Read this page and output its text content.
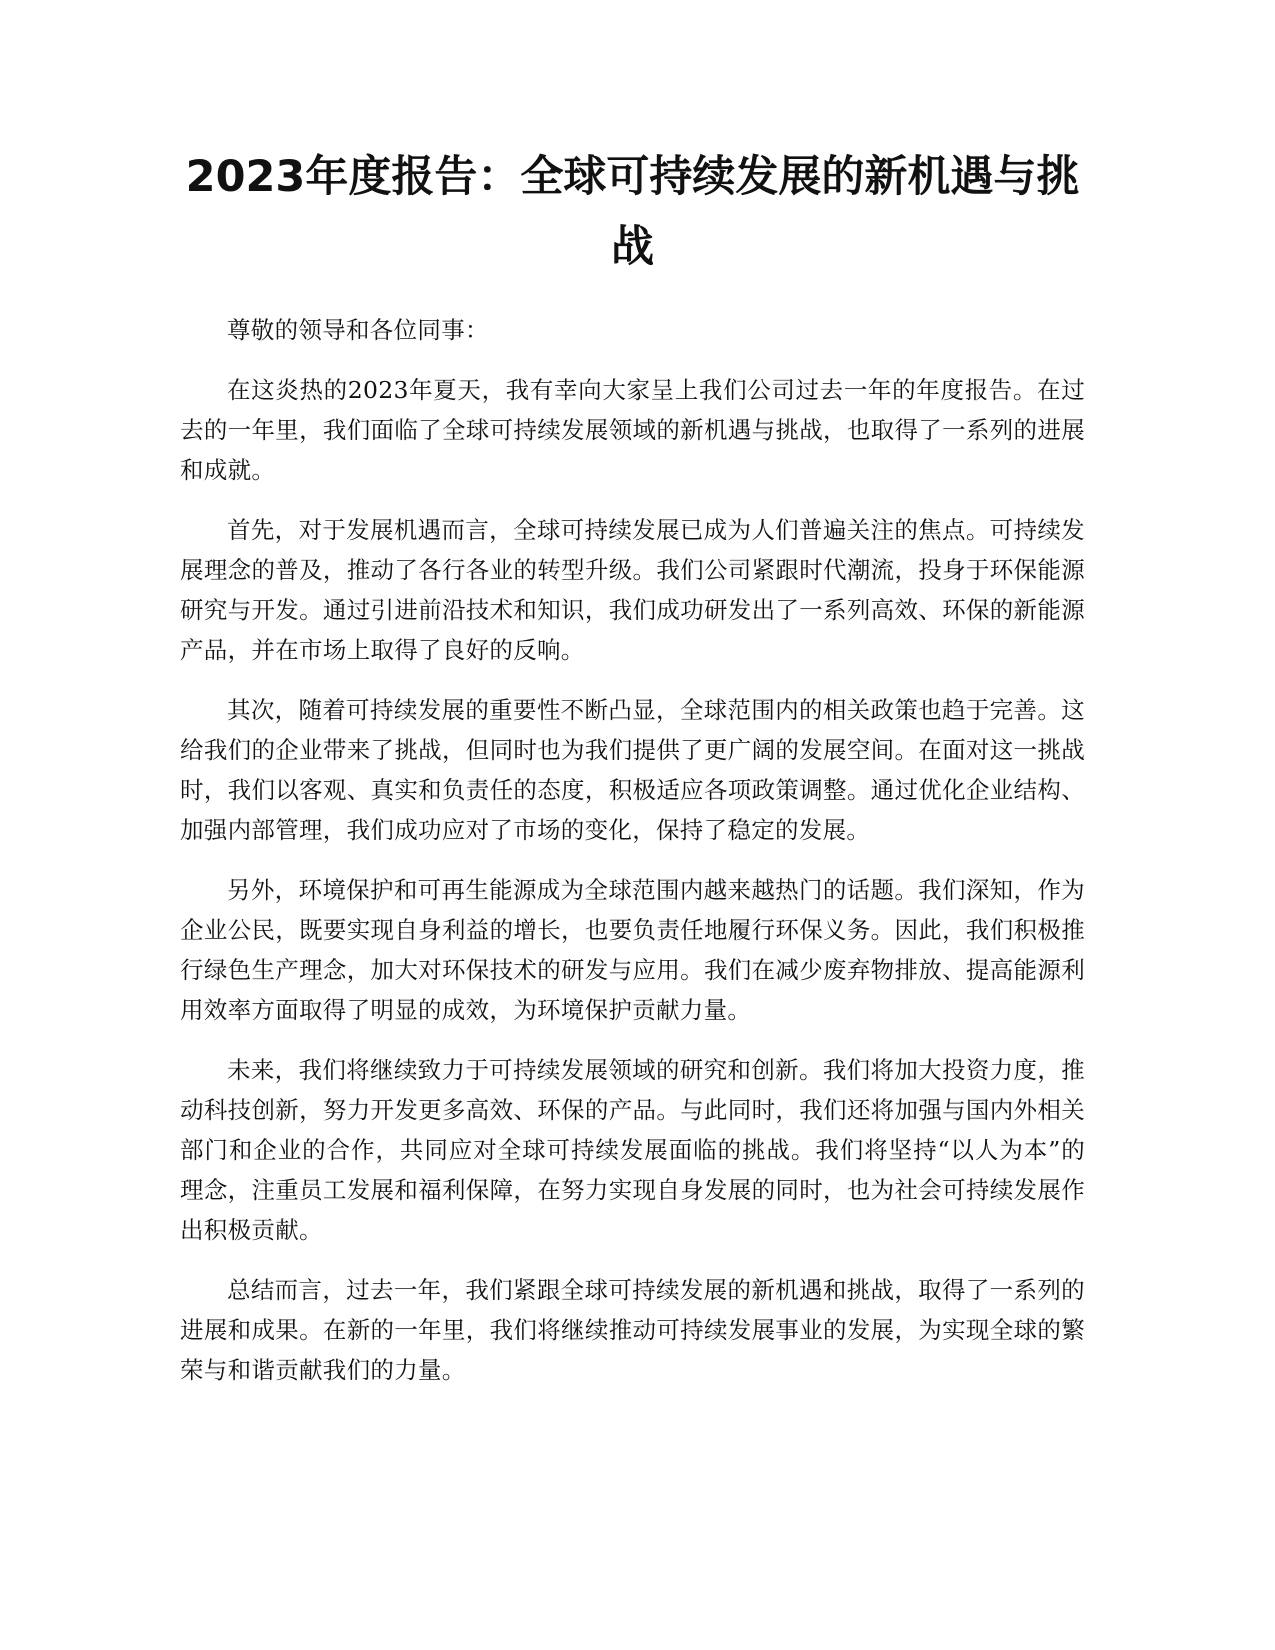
2023年度报告：全球可持续发展的新机遇与挑战

尊敬的领导和各位同事：

在这炎热的2023年夏天，我有幸向大家呈上我们公司过去一年的年度报告。在过去的一年里，我们面临了全球可持续发展领域的新机遇与挑战，也取得了一系列的进展和成就。

首先，对于发展机遇而言，全球可持续发展已成为人们普遍关注的焦点。可持续发展理念的普及，推动了各行各业的转型升级。我们公司紧跟时代潮流，投身于环保能源研究与开发。通过引进前沿技术和知识，我们成功研发出了一系列高效、环保的新能源产品，并在市场上取得了良好的反响。

其次，随着可持续发展的重要性不断凸显，全球范围内的相关政策也趋于完善。这给我们的企业带来了挑战，但同时也为我们提供了更广阔的发展空间。在面对这一挑战时，我们以客观、真实和负责任的态度，积极适应各项政策调整。通过优化企业结构、加强内部管理，我们成功应对了市场的变化，保持了稳定的发展。

另外，环境保护和可再生能源成为全球范围内越来越热门的话题。我们深知，作为企业公民，既要实现自身利益的增长，也要负责任地履行环保义务。因此，我们积极推行绿色生产理念，加大对环保技术的研发与应用。我们在减少废弃物排放、提高能源利用效率方面取得了明显的成效，为环境保护贡献力量。

未来，我们将继续致力于可持续发展领域的研究和创新。我们将加大投资力度，推动科技创新，努力开发更多高效、环保的产品。与此同时，我们还将加强与国内外相关部门和企业的合作，共同应对全球可持续发展面临的挑战。我们将坚持“以人为本”的理念，注重员工发展和福利保障，在努力实现自身发展的同时，也为社会可持续发展作出积极贡献。

总结而言，过去一年，我们紧跟全球可持续发展的新机遇和挑战，取得了一系列的进展和成果。在新的一年里，我们将继续推动可持续发展事业的发展，为实现全球的繁荣与和谐贡献我们的力量。
